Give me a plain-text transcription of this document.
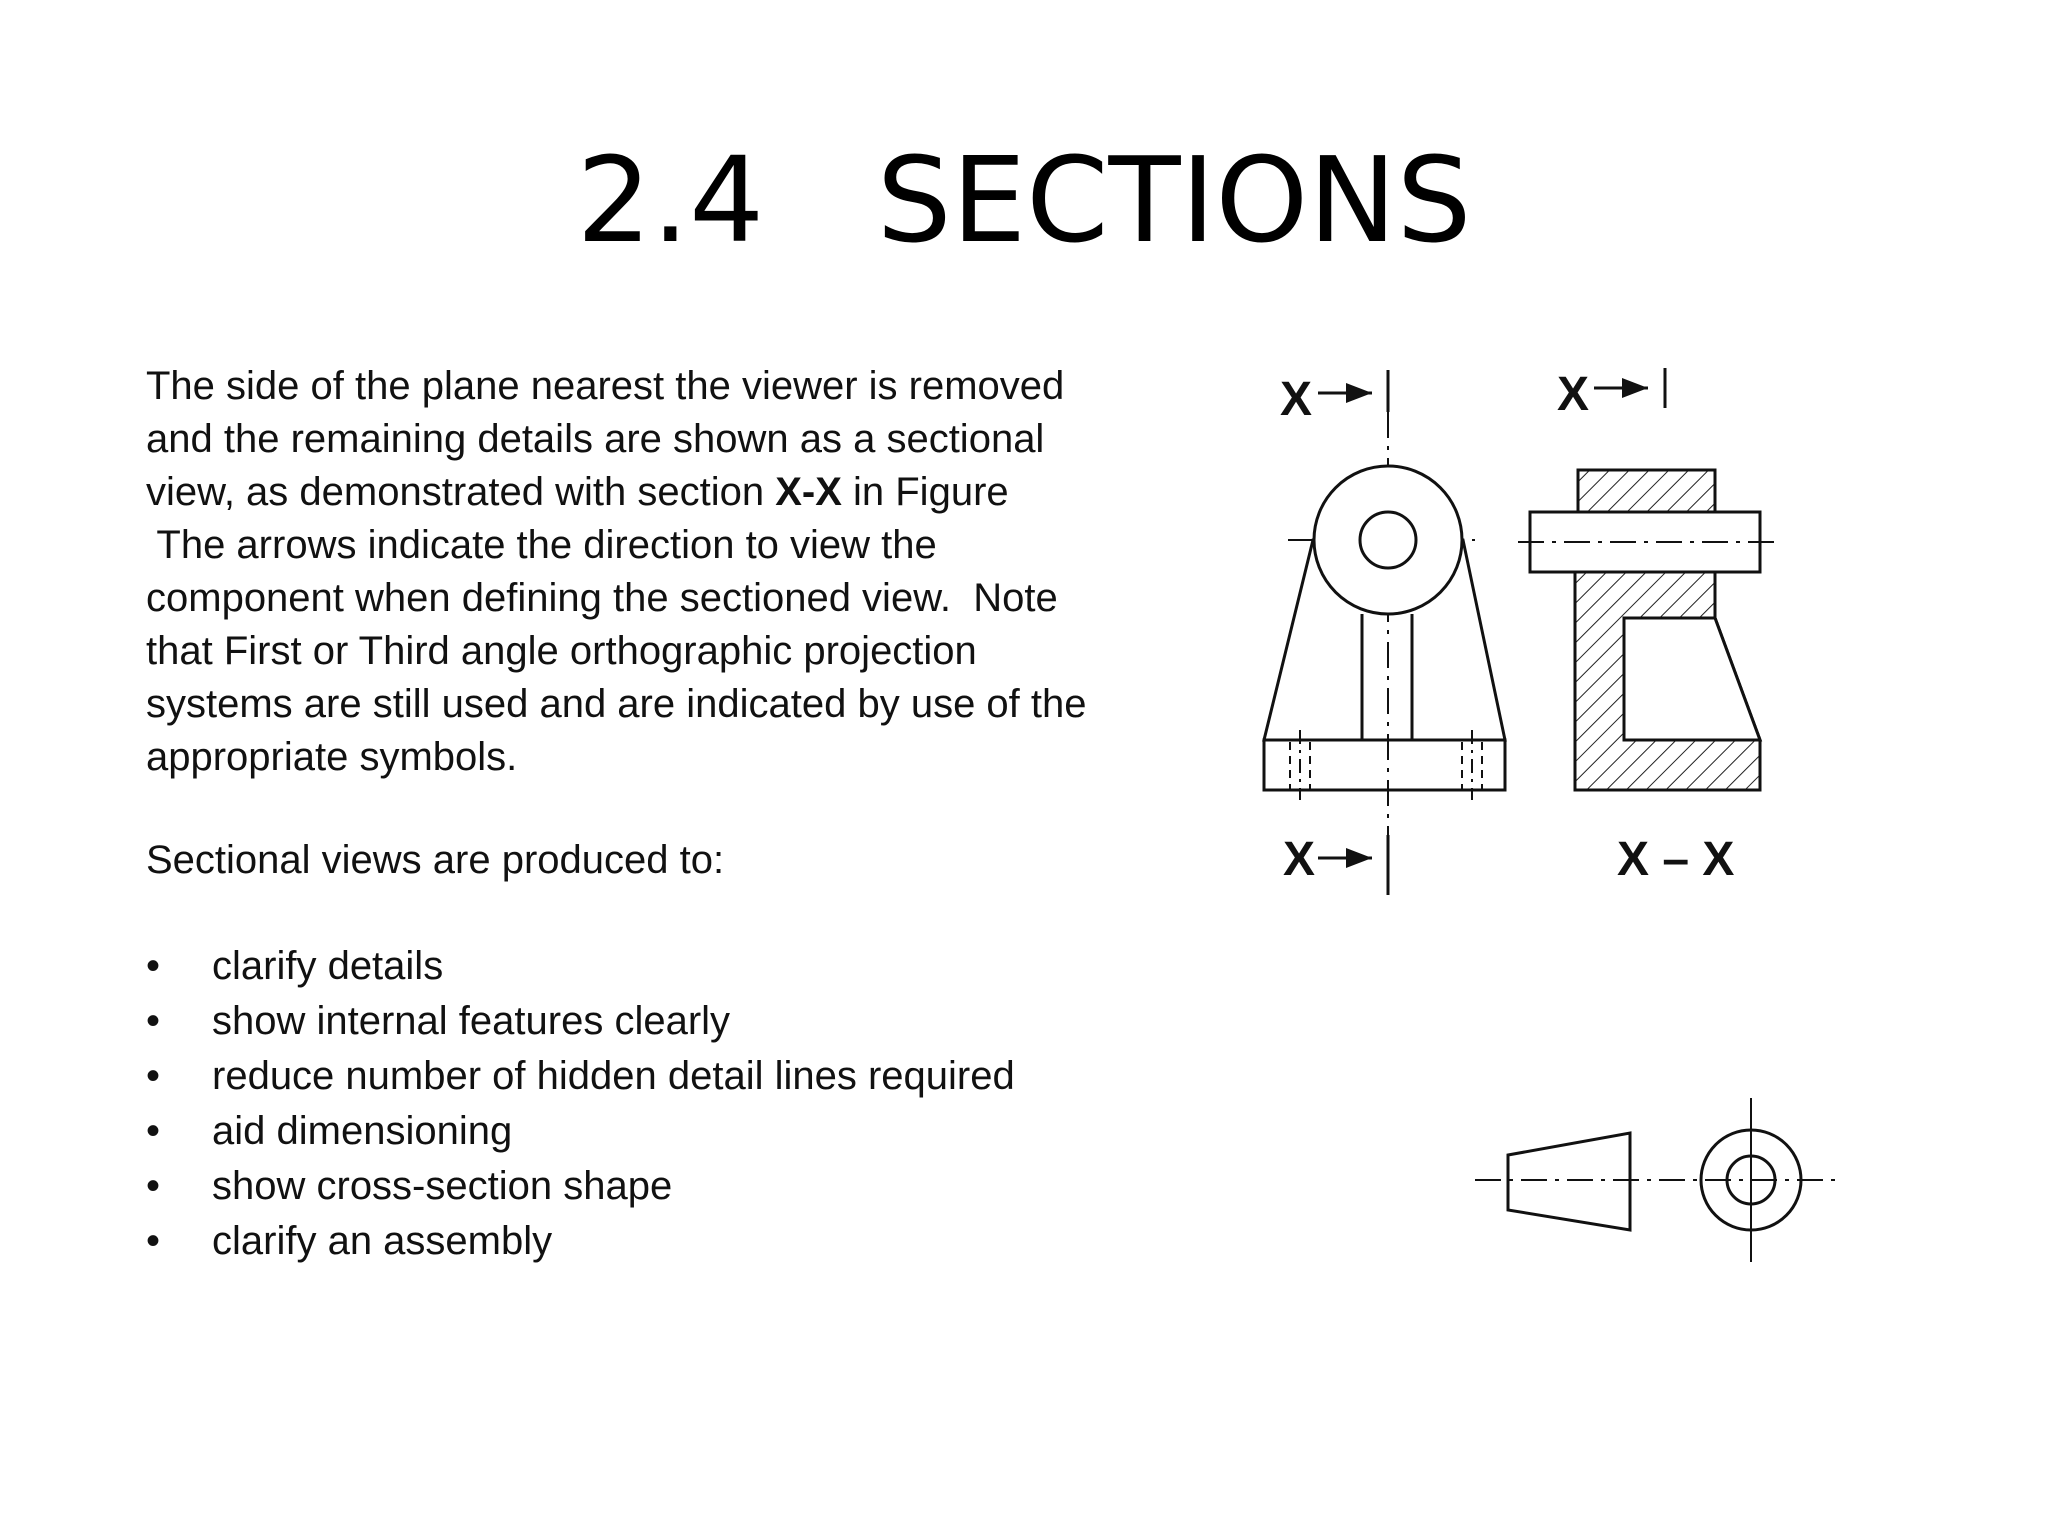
2.4 SECTIONS
The side of the plane nearest the viewer is removed
and the remaining details are shown as a sectional
view, as demonstrated with section X-X in Figure
The arrows indicate the direction to view the
component when defining the sectioned view.  Note
that First or Third angle orthographic projection
systems are still used and are indicated by use of the
appropriate symbols.
Sectional views are produced to:
• clarify details
• show internal features clearly
• reduce number of hidden detail lines required
• aid dimensioning
• show cross-section shape
• clarify an assembly
X
X
X
X – X
